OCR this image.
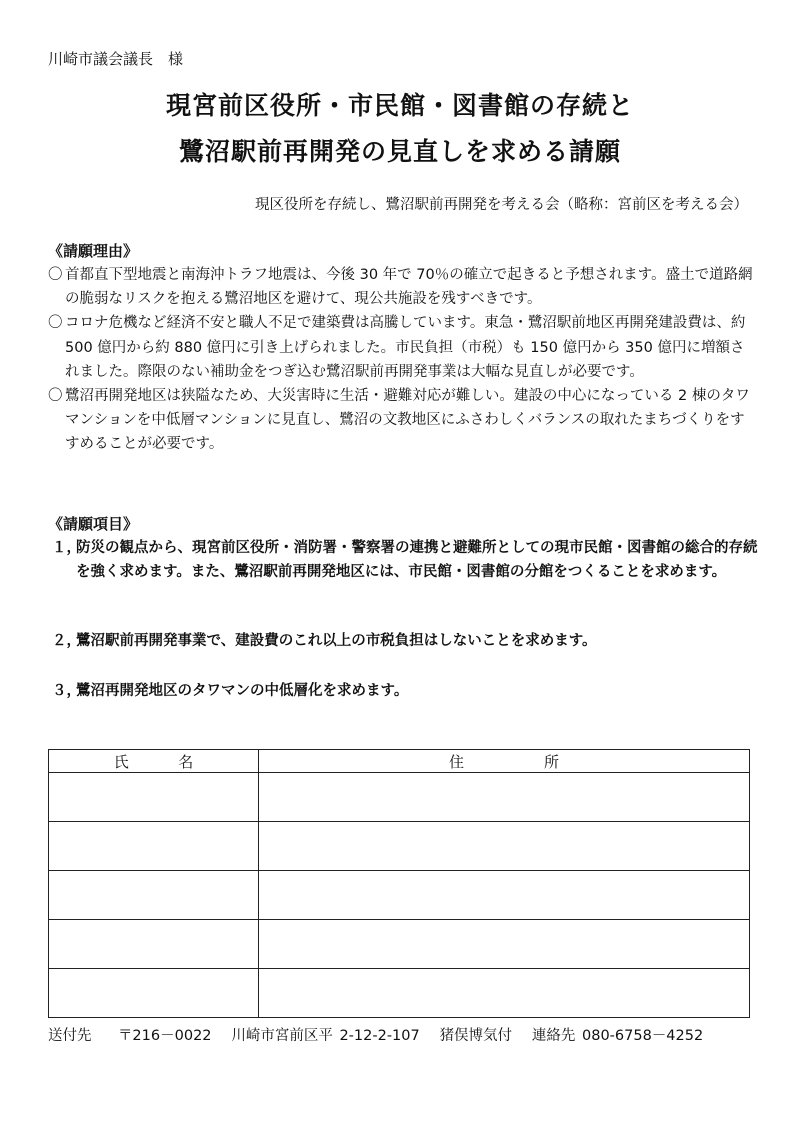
川崎市議会議長　様
現宮前区役所・市民館・図書館の存続と
鷺沼駅前再開発の見直しを求める請願
現区役所を存続し、鷺沼駅前再開発を考える会（略称：宮前区を考える会）
《請願理由》

〇 首都直下型地震と南海沖トラフ地震は、今後 30 年で 70％の確立で起きると予想されます。盛土で道路網の脆弱なリスクを抱える鷺沼地区を避けて、現公共施設を残すべきです。

〇 コロナ危機など経済不安と職人不足で建築費は高騰しています。東急・鷺沼駅前地区再開発建設費は、約 500 億円から約 880 億円に引き上げられました。市民負担（市税）も 150 億円から 350 億円に増額されました。際限のない補助金をつぎ込む鷺沼駅前再開発事業は大幅な見直しが必要です。

〇 鷺沼再開発地区は狭隘なため、大災害時に生活・避難対応が難しい。建設の中心になっている 2 棟のタワマンションを中低層マンションに見直し、鷺沼の文教地区にふさわしくバランスの取れたまちづくりをすすめることが必要です。

《請願項目》
１，
防災の観点から、現宮前区役所・消防署・警察署の連携と避難所としての現市民館・図書館の総合的存続を強く求めます。また、鷺沼駅前再開発地区には、市民館・図書館の分館をつくることを求めます。
２，
鷺沼駅前再開発事業で、建設費のこれ以上の市税負担はしないことを求めます。
３，
鷺沼再開発地区のタワマンの中低層化を求めます。
氏 名	住 所

送付先 〒216－0022 川崎市宮前区平 2-12-2-107 猪俣博気付 連絡先 080-6758－4252
